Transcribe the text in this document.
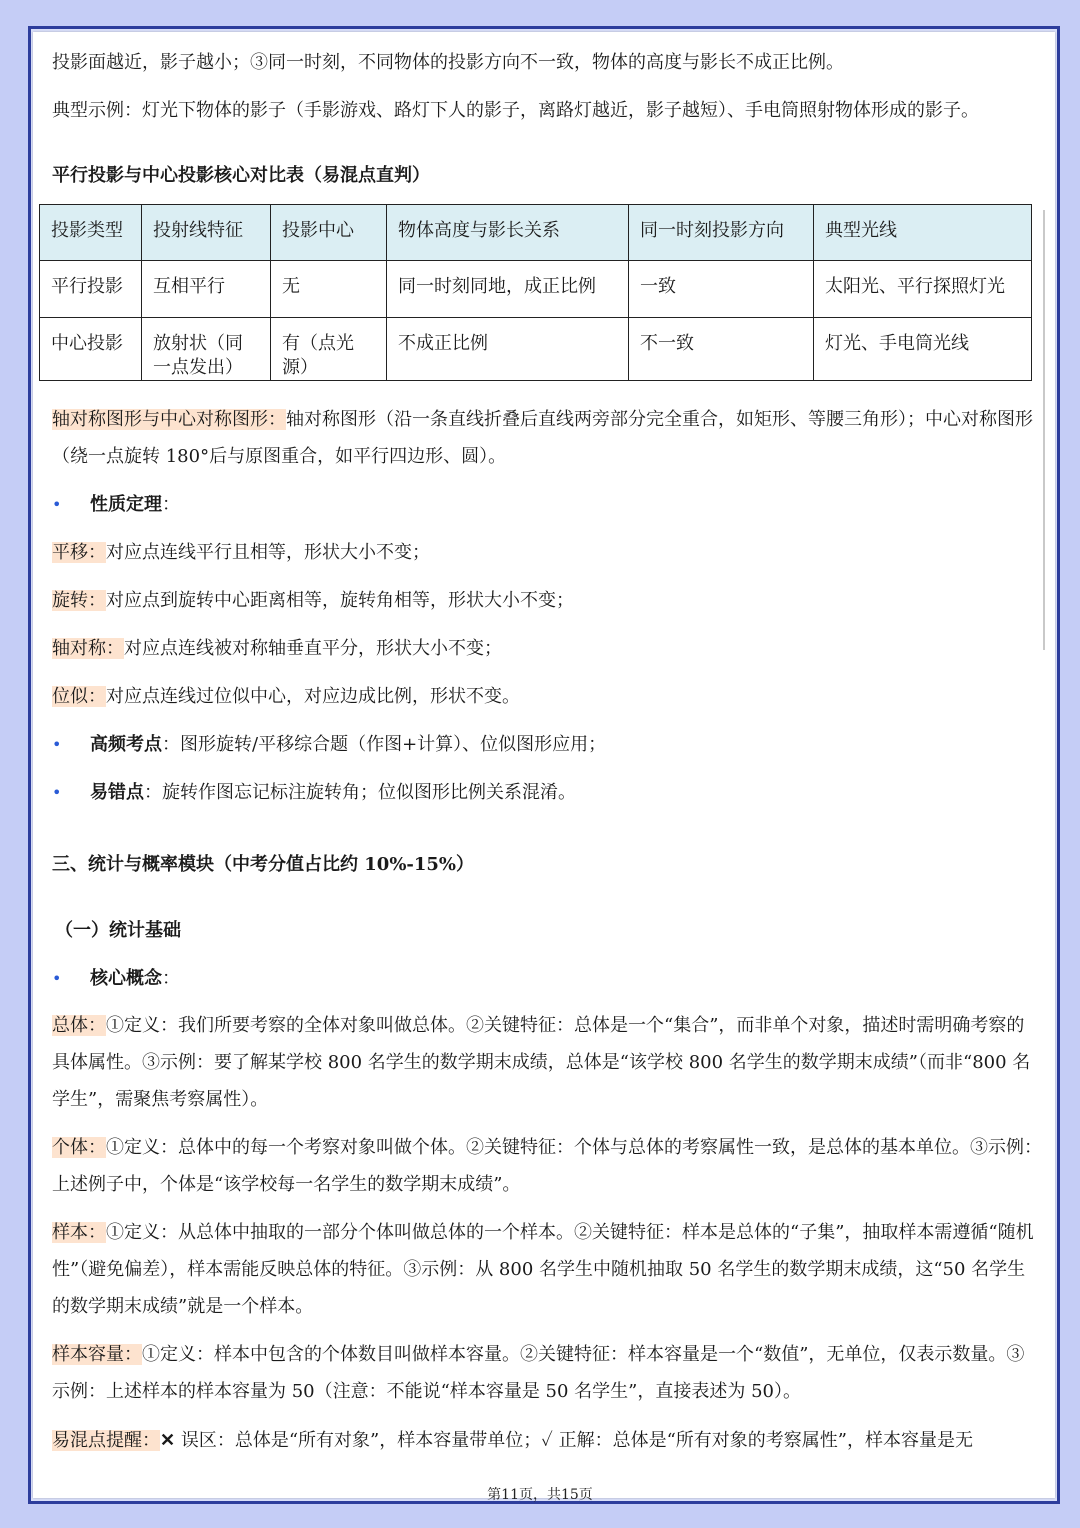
投影面越近，影子越小；③同一时刻，不同物体的投影方向不一致，物体的高度与影长不成正比例。
典型示例：灯光下物体的影子（手影游戏、路灯下人的影子，离路灯越近，影子越短）、手电筒照射物体形成的影子。
平行投影与中心投影核心对比表（易混点直判）
投影类型	投射线特征	投影中心	物体高度与影长关系	同一时刻投影方向	典型光线
平行投影	互相平行	无	同一时刻同地，成正比例	一致	太阳光、平行探照灯光
中心投影	放射状（同一点发出）	有（点光源）	不成正比例	不一致	灯光、手电筒光线
轴对称图形与中心对称图形：轴对称图形（沿一条直线折叠后直线两旁部分完全重合，如矩形、等腰三角形）；中心对称图形（绕一点旋转 180°后与原图重合，如平行四边形、圆）。
• 性质定理：
平移：对应点连线平行且相等，形状大小不变；
旋转：对应点到旋转中心距离相等，旋转角相等，形状大小不变；
轴对称：对应点连线被对称轴垂直平分，形状大小不变；
位似：对应点连线过位似中心，对应边成比例，形状不变。
• 高频考点：图形旋转/平移综合题（作图+计算）、位似图形应用；
• 易错点：旋转作图忘记标注旋转角；位似图形比例关系混淆。
三、统计与概率模块（中考分值占比约 10%-15%）
（一）统计基础
• 核心概念：
总体：①定义：我们所要考察的全体对象叫做总体。②关键特征：总体是一个“集合”，而非单个对象，描述时需明确考察的具体属性。③示例：要了解某学校 800 名学生的数学期末成绩，总体是“该学校 800 名学生的数学期末成绩”（而非“800 名学生”，需聚焦考察属性）。
个体：①定义：总体中的每一个考察对象叫做个体。②关键特征：个体与总体的考察属性一致，是总体的基本单位。③示例：上述例子中，个体是“该学校每一名学生的数学期末成绩”。
样本：①定义：从总体中抽取的一部分个体叫做总体的一个样本。②关键特征：样本是总体的“子集”，抽取样本需遵循“随机性”（避免偏差），样本需能反映总体的特征。③示例：从 800 名学生中随机抽取 50 名学生的数学期末成绩，这“50 名学生的数学期末成绩”就是一个样本。
样本容量：①定义：样本中包含的个体数目叫做样本容量。②关键特征：样本容量是一个“数值”，无单位，仅表示数量。③示例：上述样本的样本容量为 50（注意：不能说“样本容量是 50 名学生”，直接表述为 50）。
易混点提醒：✕ 误区：总体是“所有对象”，样本容量带单位；✓ 正解：总体是“所有对象的考察属性”，样本容量是无
第11页，共15页
